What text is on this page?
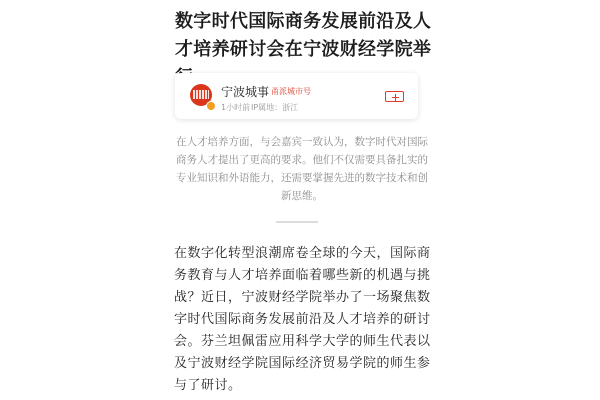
数字时代国际商务发展前沿及人才培养研讨会在宁波财经学院举
宁波城事 甬派城市号
1小时前 IP属地：浙江

在人才培养方面，与会嘉宾一致认为，数字时代对国际商务人才提出了更高的要求。他们不仅需要具备扎实的专业知识和外语能力，还需要掌握先进的数字技术和创新思维。

在数字化转型浪潮席卷全球的今天，国际商务教育与人才培养面临着哪些新的机遇与挑战？近日，宁波财经学院举办了一场聚焦数字时代国际商务发展前沿及人才培养的研讨会。芬兰坦佩雷应用科学大学的师生代表以及宁波财经学院国际经济贸易学院的师生参与了研讨。
